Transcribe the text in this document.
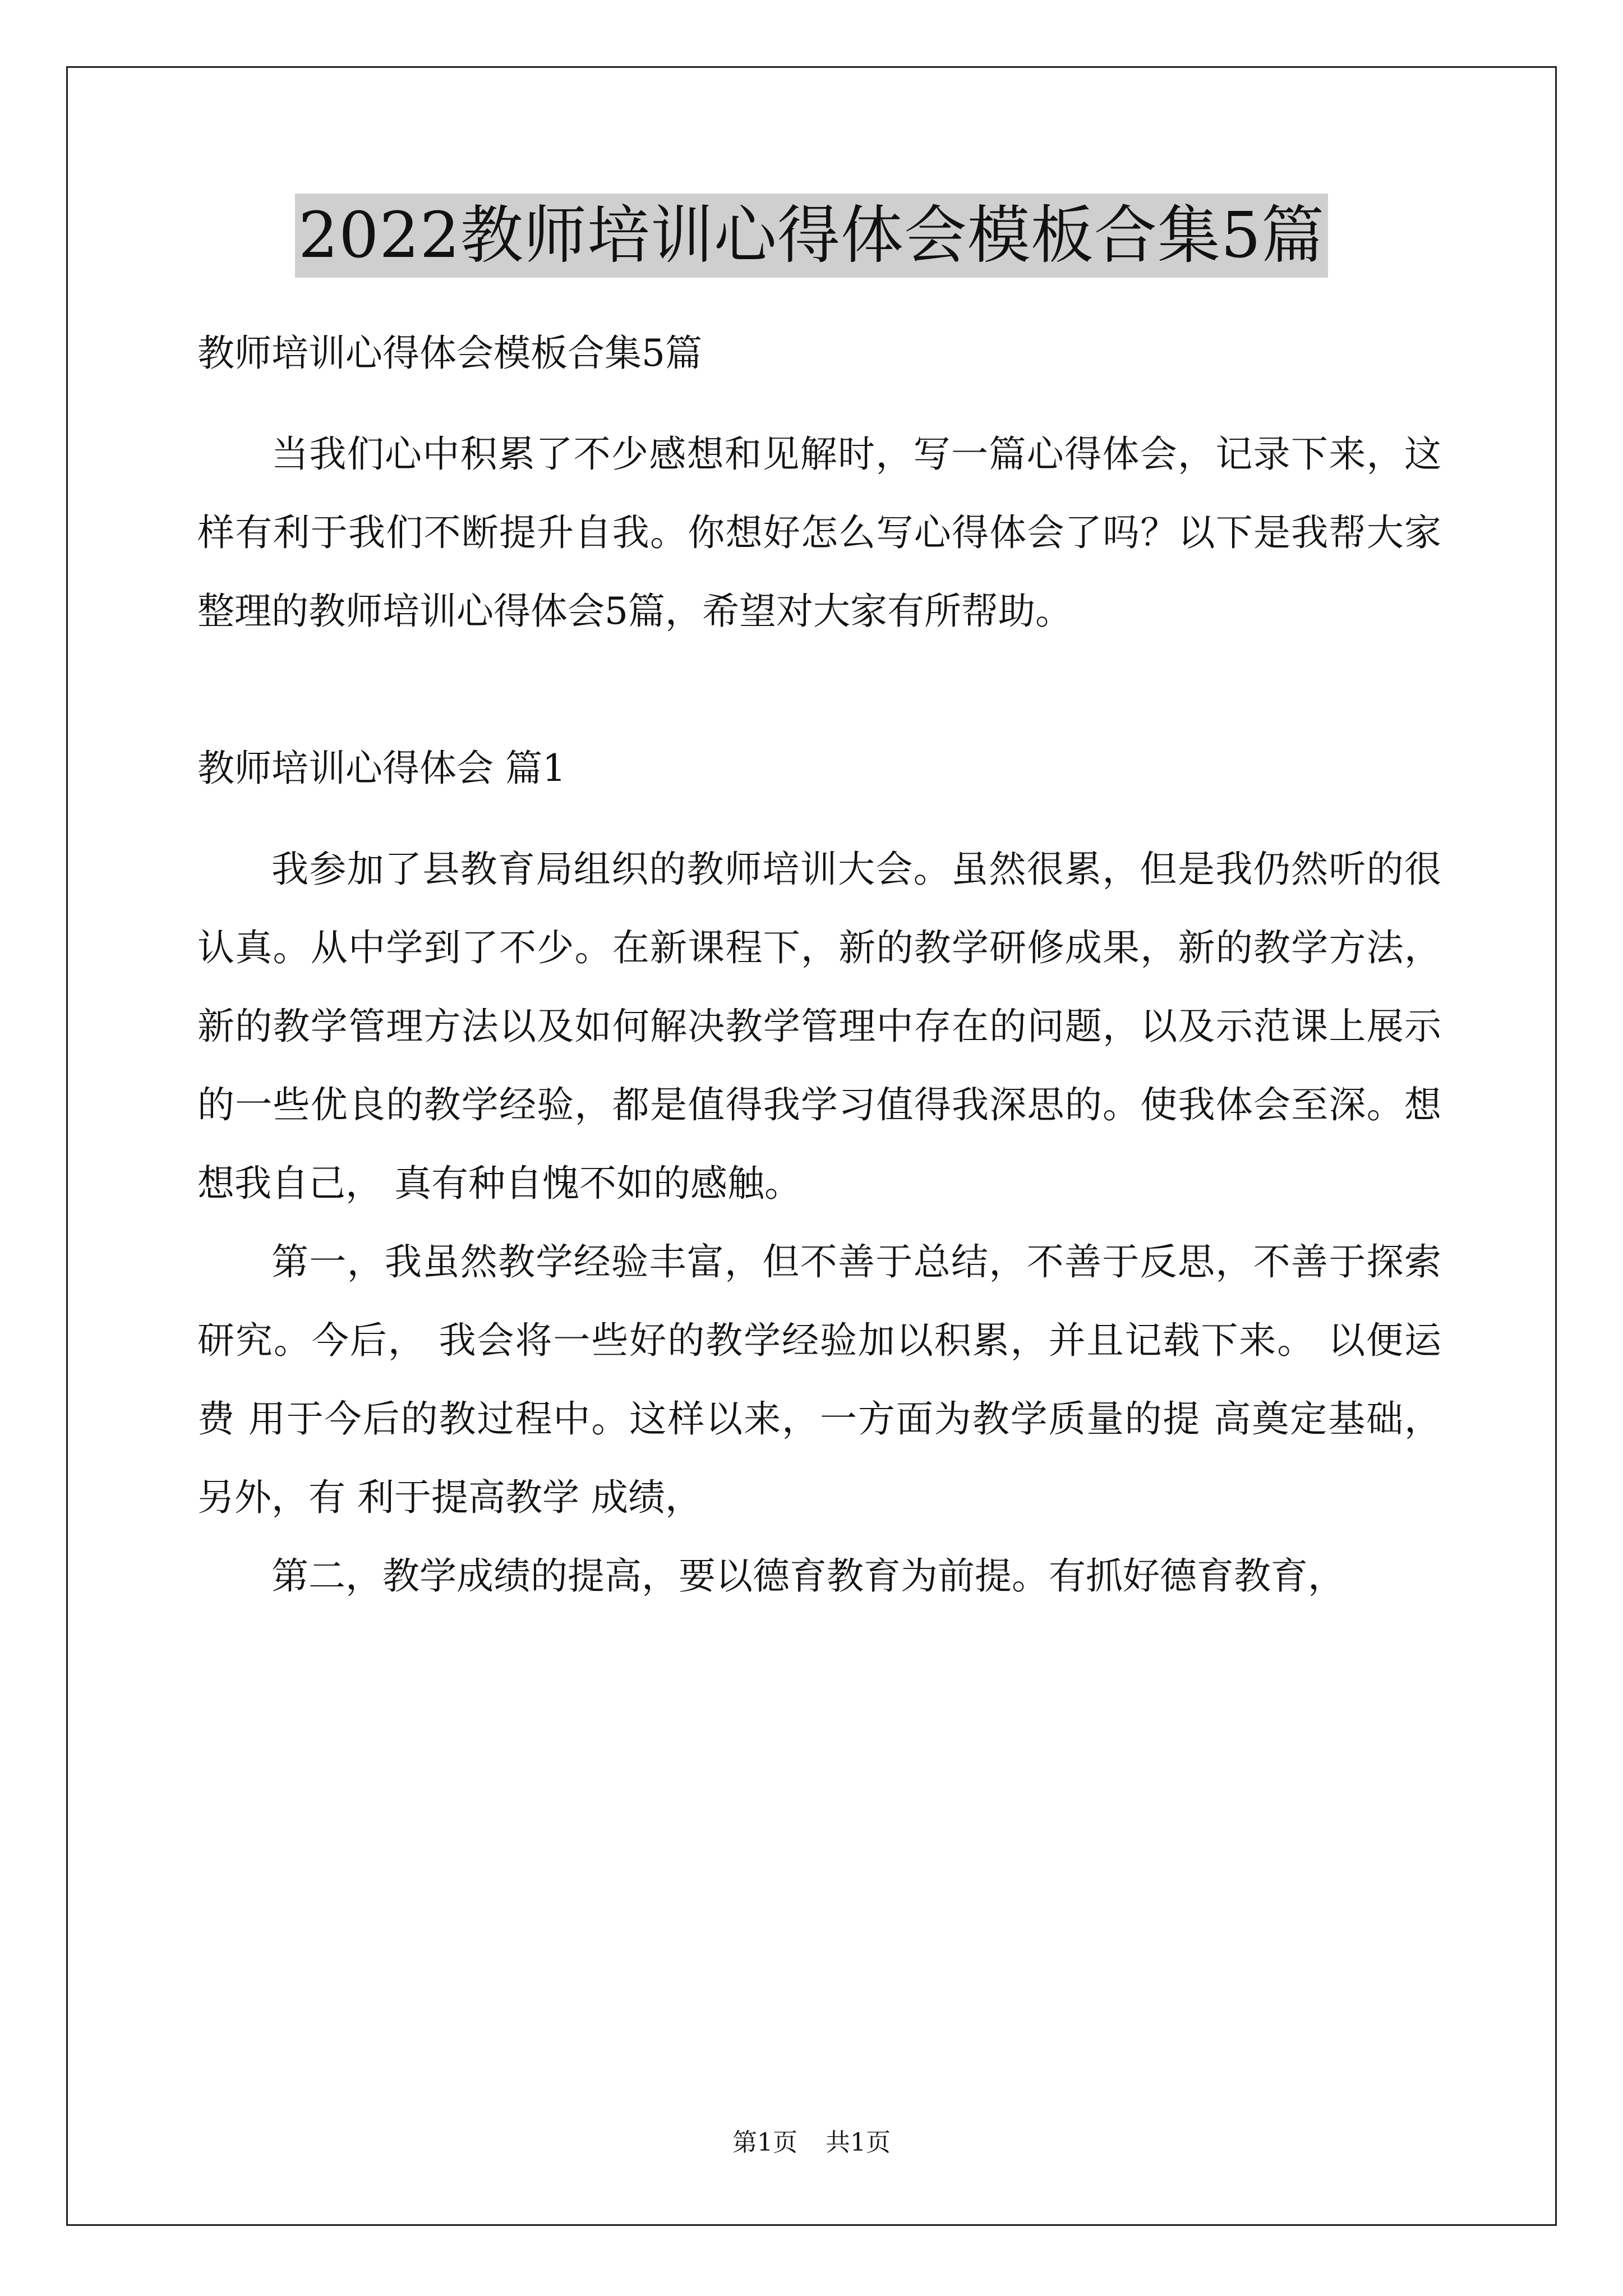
2022教师培训心得体会模板合集5篇

教师培训心得体会模板合集5篇

当我们心中积累了不少感想和见解时，写一篇心得体会，记录下来，这样有利于我们不断提升自我。你想好怎么写心得体会了吗？以下是我帮大家整理的教师培训心得体会5篇，希望对大家有所帮助。

教师培训心得体会 篇1

我参加了县教育局组织的教师培训大会。虽然很累，但是我仍然听的很认真。从中学到了不少。在新课程下，新的教学研修成果，新的教学方法，新的教学管理方法以及如何解决教学管理中存在的问题，以及示范课上展示的一些优良的教学经验，都是值得我学习值得我深思的。使我体会至深。想想我自己， 真有种自愧不如的感触。

第一，我虽然教学经验丰富，但不善于总结，不善于反思，不善于探索研究。今后， 我会将一些好的教学经验加以积累，并且记载下来。 以便运费 用于今后的教过程中。这样以来，一方面为教学质量的提 高奠定基础，另外，有 利于提高教学 成绩，

第二，教学成绩的提高，要以德育教育为前提。有抓好德育教育，

第1页 共1页
